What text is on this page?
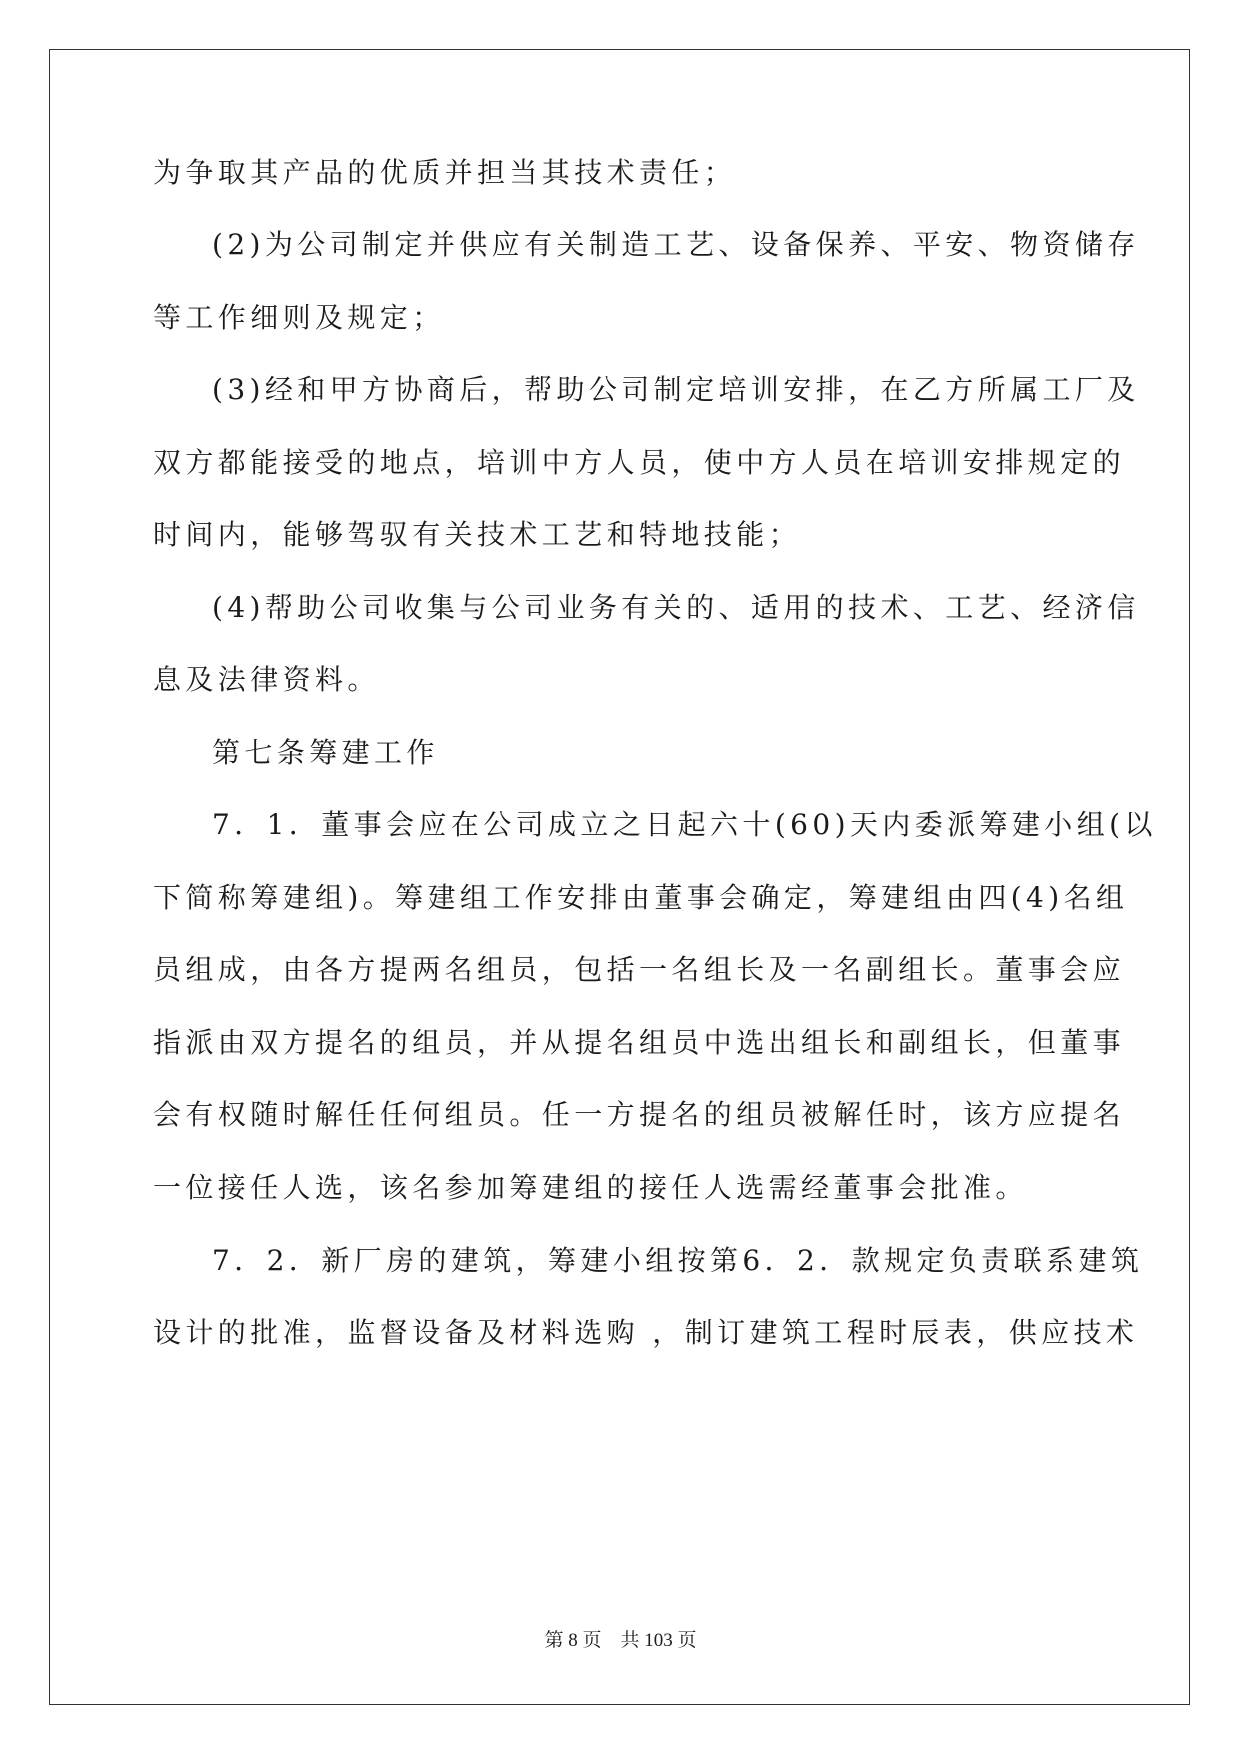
为争取其产品的优质并担当其技术责任；
(2)为公司制定并供应有关制造工艺、设备保养、平安、物资储存
等工作细则及规定；
(3)经和甲方协商后，帮助公司制定培训安排，在乙方所属工厂及
双方都能接受的地点，培训中方人员，使中方人员在培训安排规定的
时间内，能够驾驭有关技术工艺和特地技能；
(4)帮助公司收集与公司业务有关的、适用的技术、工艺、经济信
息及法律资料。
第七条筹建工作
7．1．董事会应在公司成立之日起六十(60)天内委派筹建小组(以
下简称筹建组)。筹建组工作安排由董事会确定，筹建组由四(4)名组
员组成，由各方提两名组员，包括一名组长及一名副组长。董事会应
指派由双方提名的组员，并从提名组员中选出组长和副组长，但董事
会有权随时解任任何组员。任一方提名的组员被解任时，该方应提名
一位接任人选，该名参加筹建组的接任人选需经董事会批准。
7．2．新厂房的建筑，筹建小组按第6．2．款规定负责联系建筑
设计的批准，监督设备及材料选购 ，制订建筑工程时辰表，供应技术
第 8 页    共 103 页
